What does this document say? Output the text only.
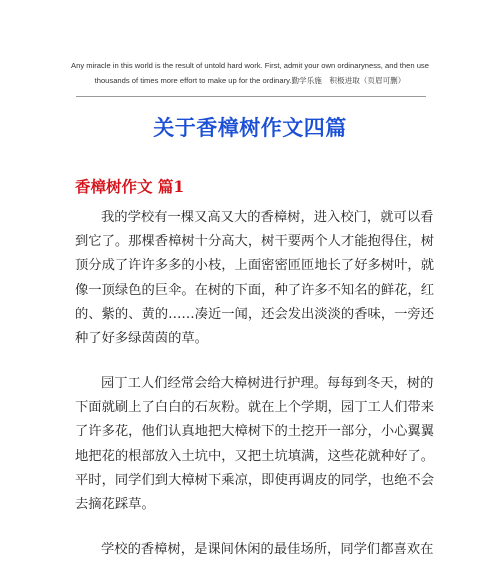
Any miracle in this world is the result of untold hard work. First, admit your own ordinaryness, and then use
thousands of times more effort to make up for the ordinary.勤学乐施　积极进取（页眉可删）
关于香樟树作文四篇
香樟树作文 篇1
我的学校有一棵又高又大的香樟树，进入校门，就可以看
到它了。那棵香樟树十分高大，树干要两个人才能抱得住，树
顶分成了许许多多的小枝，上面密密匝匝地长了好多树叶，就
像一顶绿色的巨伞。在树的下面，种了许多不知名的鲜花，红
的、紫的、黄的……凑近一闻，还会发出淡淡的香味，一旁还
种了好多绿茵茵的草。
园丁工人们经常会给大樟树进行护理。每每到冬天，树的
下面就刷上了白白的石灰粉。就在上个学期，园丁工人们带来
了许多花，他们认真地把大樟树下的土挖开一部分，小心翼翼
地把花的根部放入土坑中，又把土坑填满，这些花就种好了。
平时，同学们到大樟树下乘凉，即使再调皮的同学，也绝不会
去摘花踩草。
学校的香樟树，是课间休闲的最佳场所，同学们都喜欢在
